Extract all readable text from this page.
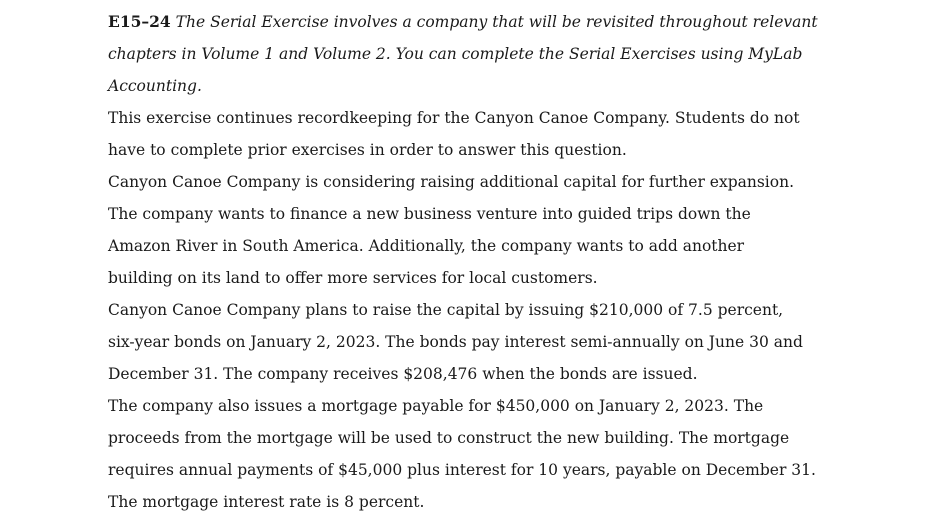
E15–24 The Serial Exercise involves a company that will be revisited throughout relevant
chapters in Volume 1 and Volume 2. You can complete the Serial Exercises using MyLab
Accounting.
This exercise continues recordkeeping for the Canyon Canoe Company. Students do not
have to complete prior exercises in order to answer this question.
Canyon Canoe Company is considering raising additional capital for further expansion.
The company wants to finance a new business venture into guided trips down the
Amazon River in South America. Additionally, the company wants to add another
building on its land to offer more services for local customers.
Canyon Canoe Company plans to raise the capital by issuing $210,000 of 7.5 percent,
six-year bonds on January 2, 2023. The bonds pay interest semi-annually on June 30 and
December 31. The company receives $208,476 when the bonds are issued.
The company also issues a mortgage payable for $450,000 on January 2, 2023. The
proceeds from the mortgage will be used to construct the new building. The mortgage
requires annual payments of $45,000 plus interest for 10 years, payable on December 31.
The mortgage interest rate is 8 percent.
